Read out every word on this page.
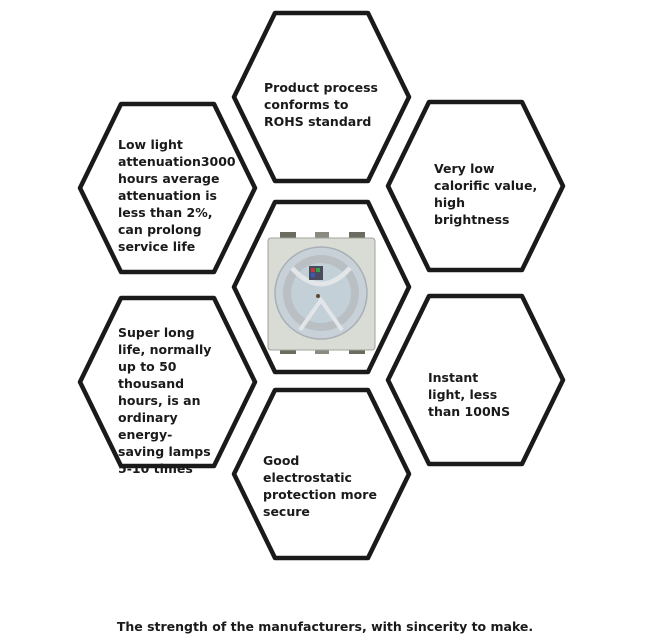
Product process conforms to ROHS standard
Low light attenuation3000 hours average attenuation is less than 2%, can prolong service life
Very low calorific value, high brightness
Super long life, normally up to 50 thousand hours, is an ordinary energy-saving lamps 5-10 times
Instant light, less than 100NS
Good electrostatic protection more secure
The strength of the manufacturers, with sincerity to make.
